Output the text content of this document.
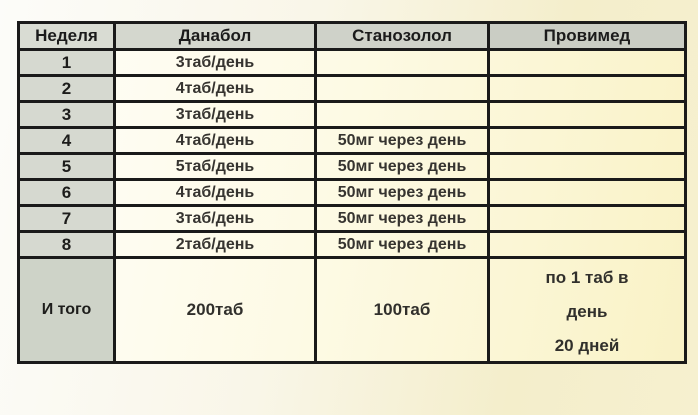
Неделя	Данабол	Станозолол	Провимед
1	3таб/день		
2	4таб/день		
3	3таб/день		
4	4таб/день	50мг через день	
5	5таб/день	50мг через день	
6	4таб/день	50мг через день	
7	3таб/день	50мг через день	
8	2таб/день	50мг через день	
И того	200таб	100таб	по 1 таб в
день
20 дней
